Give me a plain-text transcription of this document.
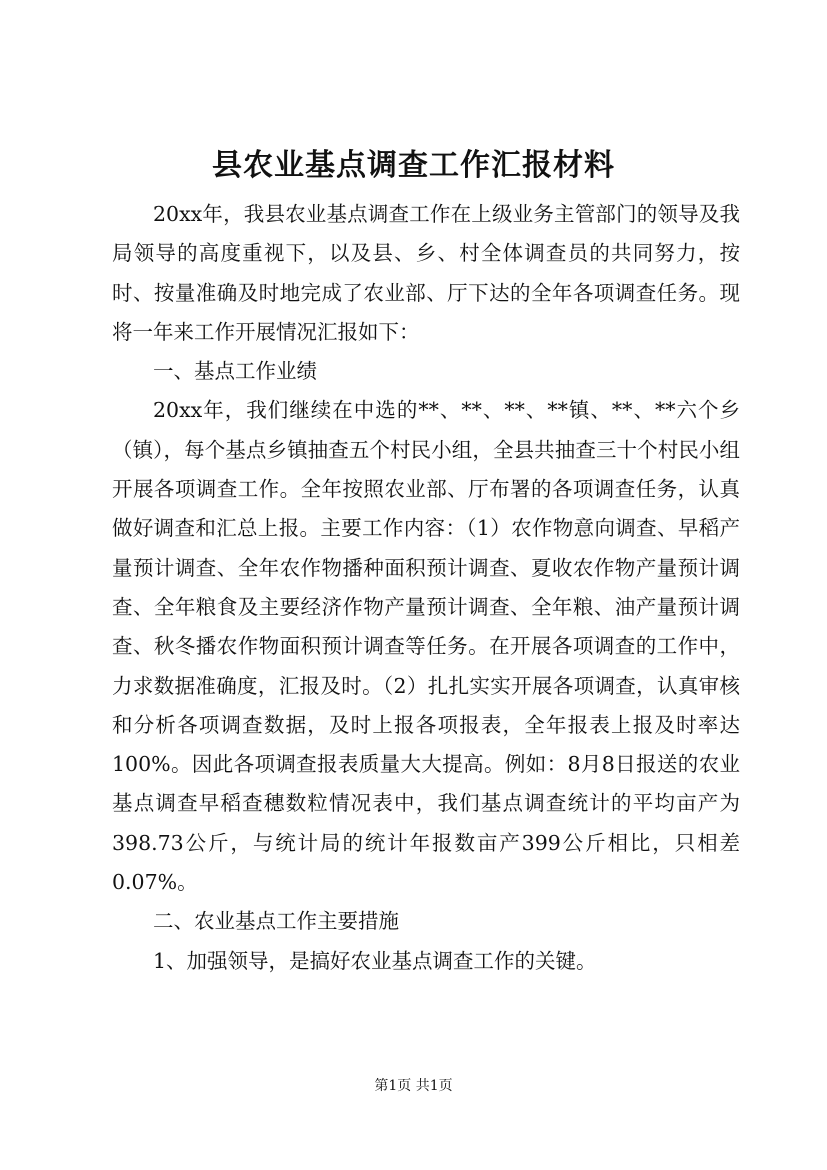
县农业基点调查工作汇报材料

20xx年，我县农业基点调查工作在上级业务主管部门的领导及我局领导的高度重视下，以及县、乡、村全体调查员的共同努力，按时、按量准确及时地完成了农业部、厅下达的全年各项调查任务。现将一年来工作开展情况汇报如下：

一、基点工作业绩

20xx年，我们继续在中选的**、**、**、**镇、**、**六个乡（镇），每个基点乡镇抽查五个村民小组，全县共抽查三十个村民小组开展各项调查工作。全年按照农业部、厅布署的各项调查任务，认真做好调查和汇总上报。主要工作内容：（1）农作物意向调查、早稻产量预计调查、全年农作物播种面积预计调查、夏收农作物产量预计调查、全年粮食及主要经济作物产量预计调查、全年粮、油产量预计调查、秋冬播农作物面积预计调查等任务。在开展各项调查的工作中，力求数据准确度，汇报及时。（2）扎扎实实开展各项调查，认真审核和分析各项调查数据，及时上报各项报表，全年报表上报及时率达100%。因此各项调查报表质量大大提高。例如：8月8日报送的农业基点调查早稻查穗数粒情况表中，我们基点调查统计的平均亩产为398.73公斤，与统计局的统计年报数亩产399公斤相比，只相差0.07%。

二、农业基点工作主要措施

1、加强领导，是搞好农业基点调查工作的关键。

第1页 共1页
